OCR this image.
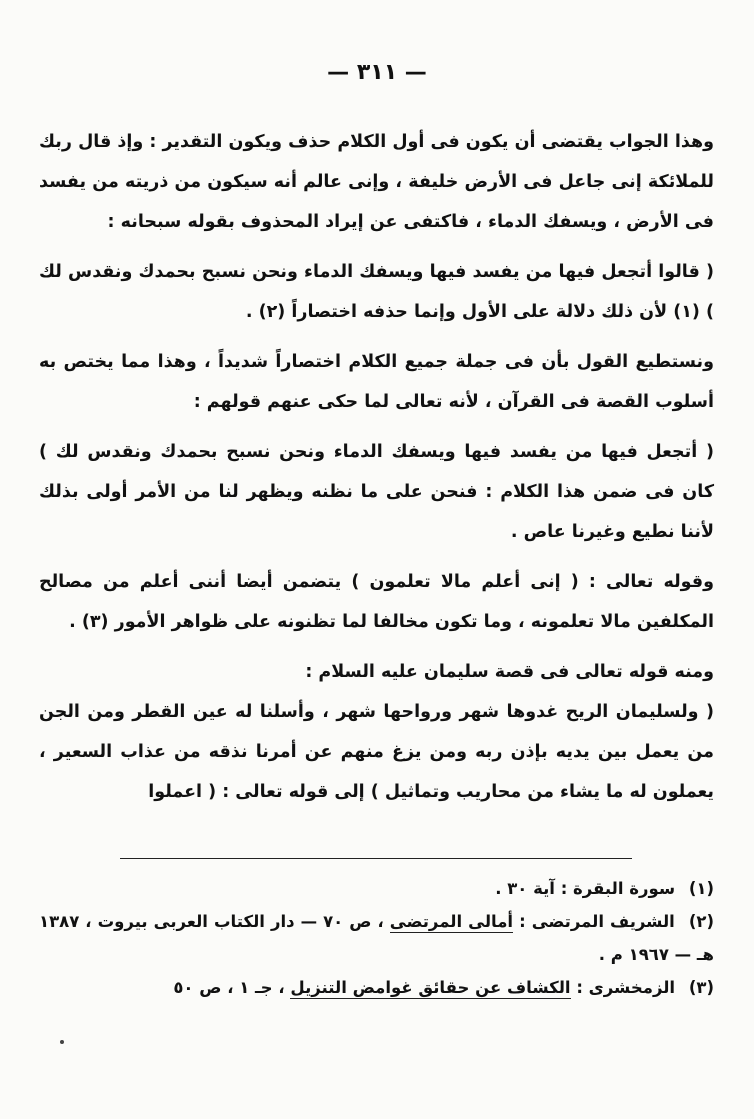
— ٣١١ —

وهذا الجواب يقتضى أن يكون فى أول الكلام حذف ويكون التقدير : وإذ قال ربك للملائكة إنى جاعل فى الأرض خليفة ، وإنى عالم أنه سيكون من ذريته من يفسد فى الأرض ، ويسفك الدماء ، فاكتفى عن إيراد المحذوف بقوله سبحانه :

( قالوا أتجعل فيها من يفسد فيها ويسفك الدماء ونحن نسبح بحمدك ونقدس لك ) (١) لأن ذلك دلالة على الأول وإنما حذفه اختصاراً (٢) .

ونستطيع القول بأن فى جملة جميع الكلام اختصاراً شديداً ، وهذا مما يختص به أسلوب القصة فى القرآن ، لأنه تعالى لما حكى عنهم قولهم :

( أتجعل فيها من يفسد فيها ويسفك الدماء ونحن نسبح بحمدك ونقدس لك ) كان فى ضمن هذا الكلام : فنحن على ما نظنه ويظهر لنا من الأمر أولى بذلك لأننا نطيع وغيرنا عاص .

وقوله تعالى : ( إنى أعلم مالا تعلمون ) يتضمن أيضا أننى أعلم من مصالح المكلفين مالا تعلمونه ، وما تكون مخالفا لما تظنونه على ظواهر الأمور (٣) .

ومنه قوله تعالى فى قصة سليمان عليه السلام :

( ولسليمان الريح غدوها شهر ورواحها شهر ، وأسلنا له عين القطر ومن الجن من يعمل بين يديه بإذن ربه ومن يزغ منهم عن أمرنا نذقه من عذاب السعير ، يعملون له ما يشاء من محاريب وتماثيل ) إلى قوله تعالى : ( اعملوا

(١) سورة البقرة : آية ٣٠ .

(٢) الشريف المرتضى : أمالى المرتضى ، ص ٧٠ — دار الكتاب العربى بيروت ، ١٣٨٧ هـ — ١٩٦٧ م .

(٣) الزمخشرى : الكشاف عن حقائق غوامض التنزيل ، جـ ١ ، ص ٥٠
